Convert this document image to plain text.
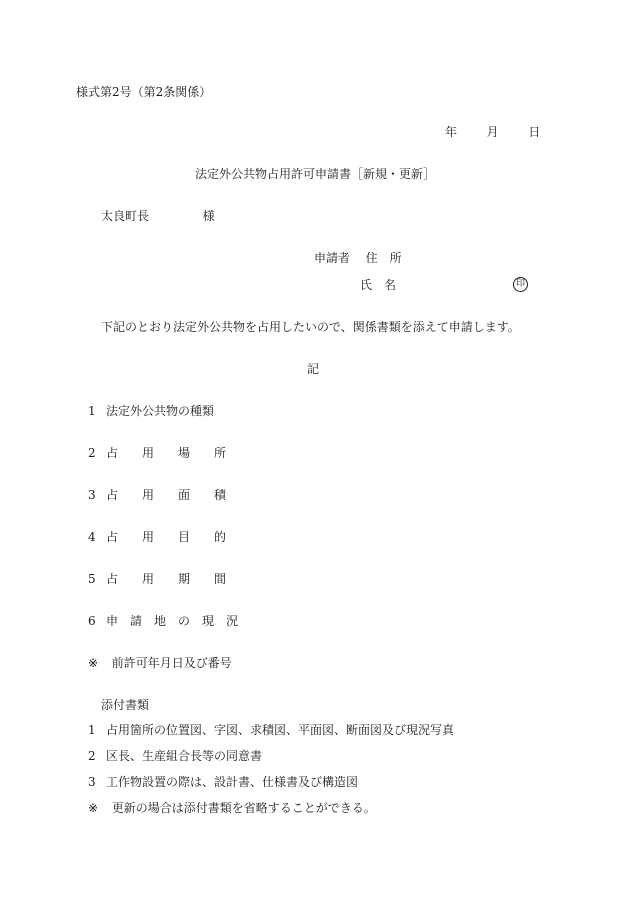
様式第2号（第2条関係）
年 月 日
法定外公共物占用許可申請書［新規・更新］
太良町長	様
申請者 住　所
氏　名	印
下記のとおり法定外公共物を占用したいので、関係書類を添えて申請します。
記
1 法定外公共物の種類
2 占　　用　　場　　所
3 占　　用　　面　　積
4 占　　用　　目　　的
5 占　　用　　期　　間
6 申　請　地　の　現　況
※ 前許可年月日及び番号
添付書類
1 占用箇所の位置図、字図、求積図、平面図、断面図及び現況写真
2 区長、生産組合長等の同意書
3 工作物設置の際は、設計書、仕様書及び構造図
※ 更新の場合は添付書類を省略することができる。
